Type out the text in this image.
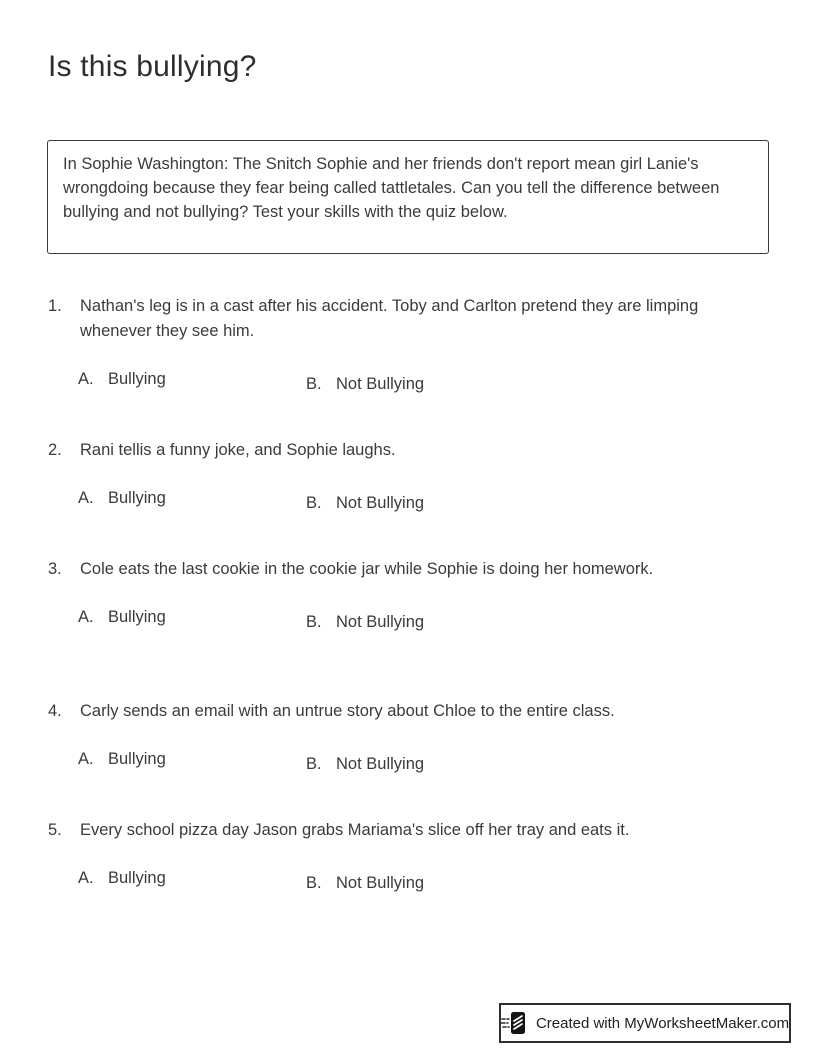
Is this bullying?

In Sophie Washington: The Snitch Sophie and her friends don't report mean girl Lanie's wrongdoing because they fear being called tattletales. Can you tell the difference between bullying and not bullying? Test your skills with the quiz below.

1.	Nathan's leg is in a cast after his accident. Toby and Carlton pretend they are limping whenever they see him.
A. Bullying	B. Not Bullying
2.	Rani tellis a funny joke, and Sophie laughs.
A. Bullying	B. Not Bullying
3.	Cole eats the last cookie in the cookie jar while Sophie is doing her homework.
A. Bullying	B. Not Bullying
4.	Carly sends an email with an untrue story about Chloe to the entire class.
A. Bullying	B. Not Bullying
5.	Every school pizza day Jason grabs Mariama's slice off her tray and eats it.
A. Bullying	B. Not Bullying
Created with MyWorksheetMaker.com
